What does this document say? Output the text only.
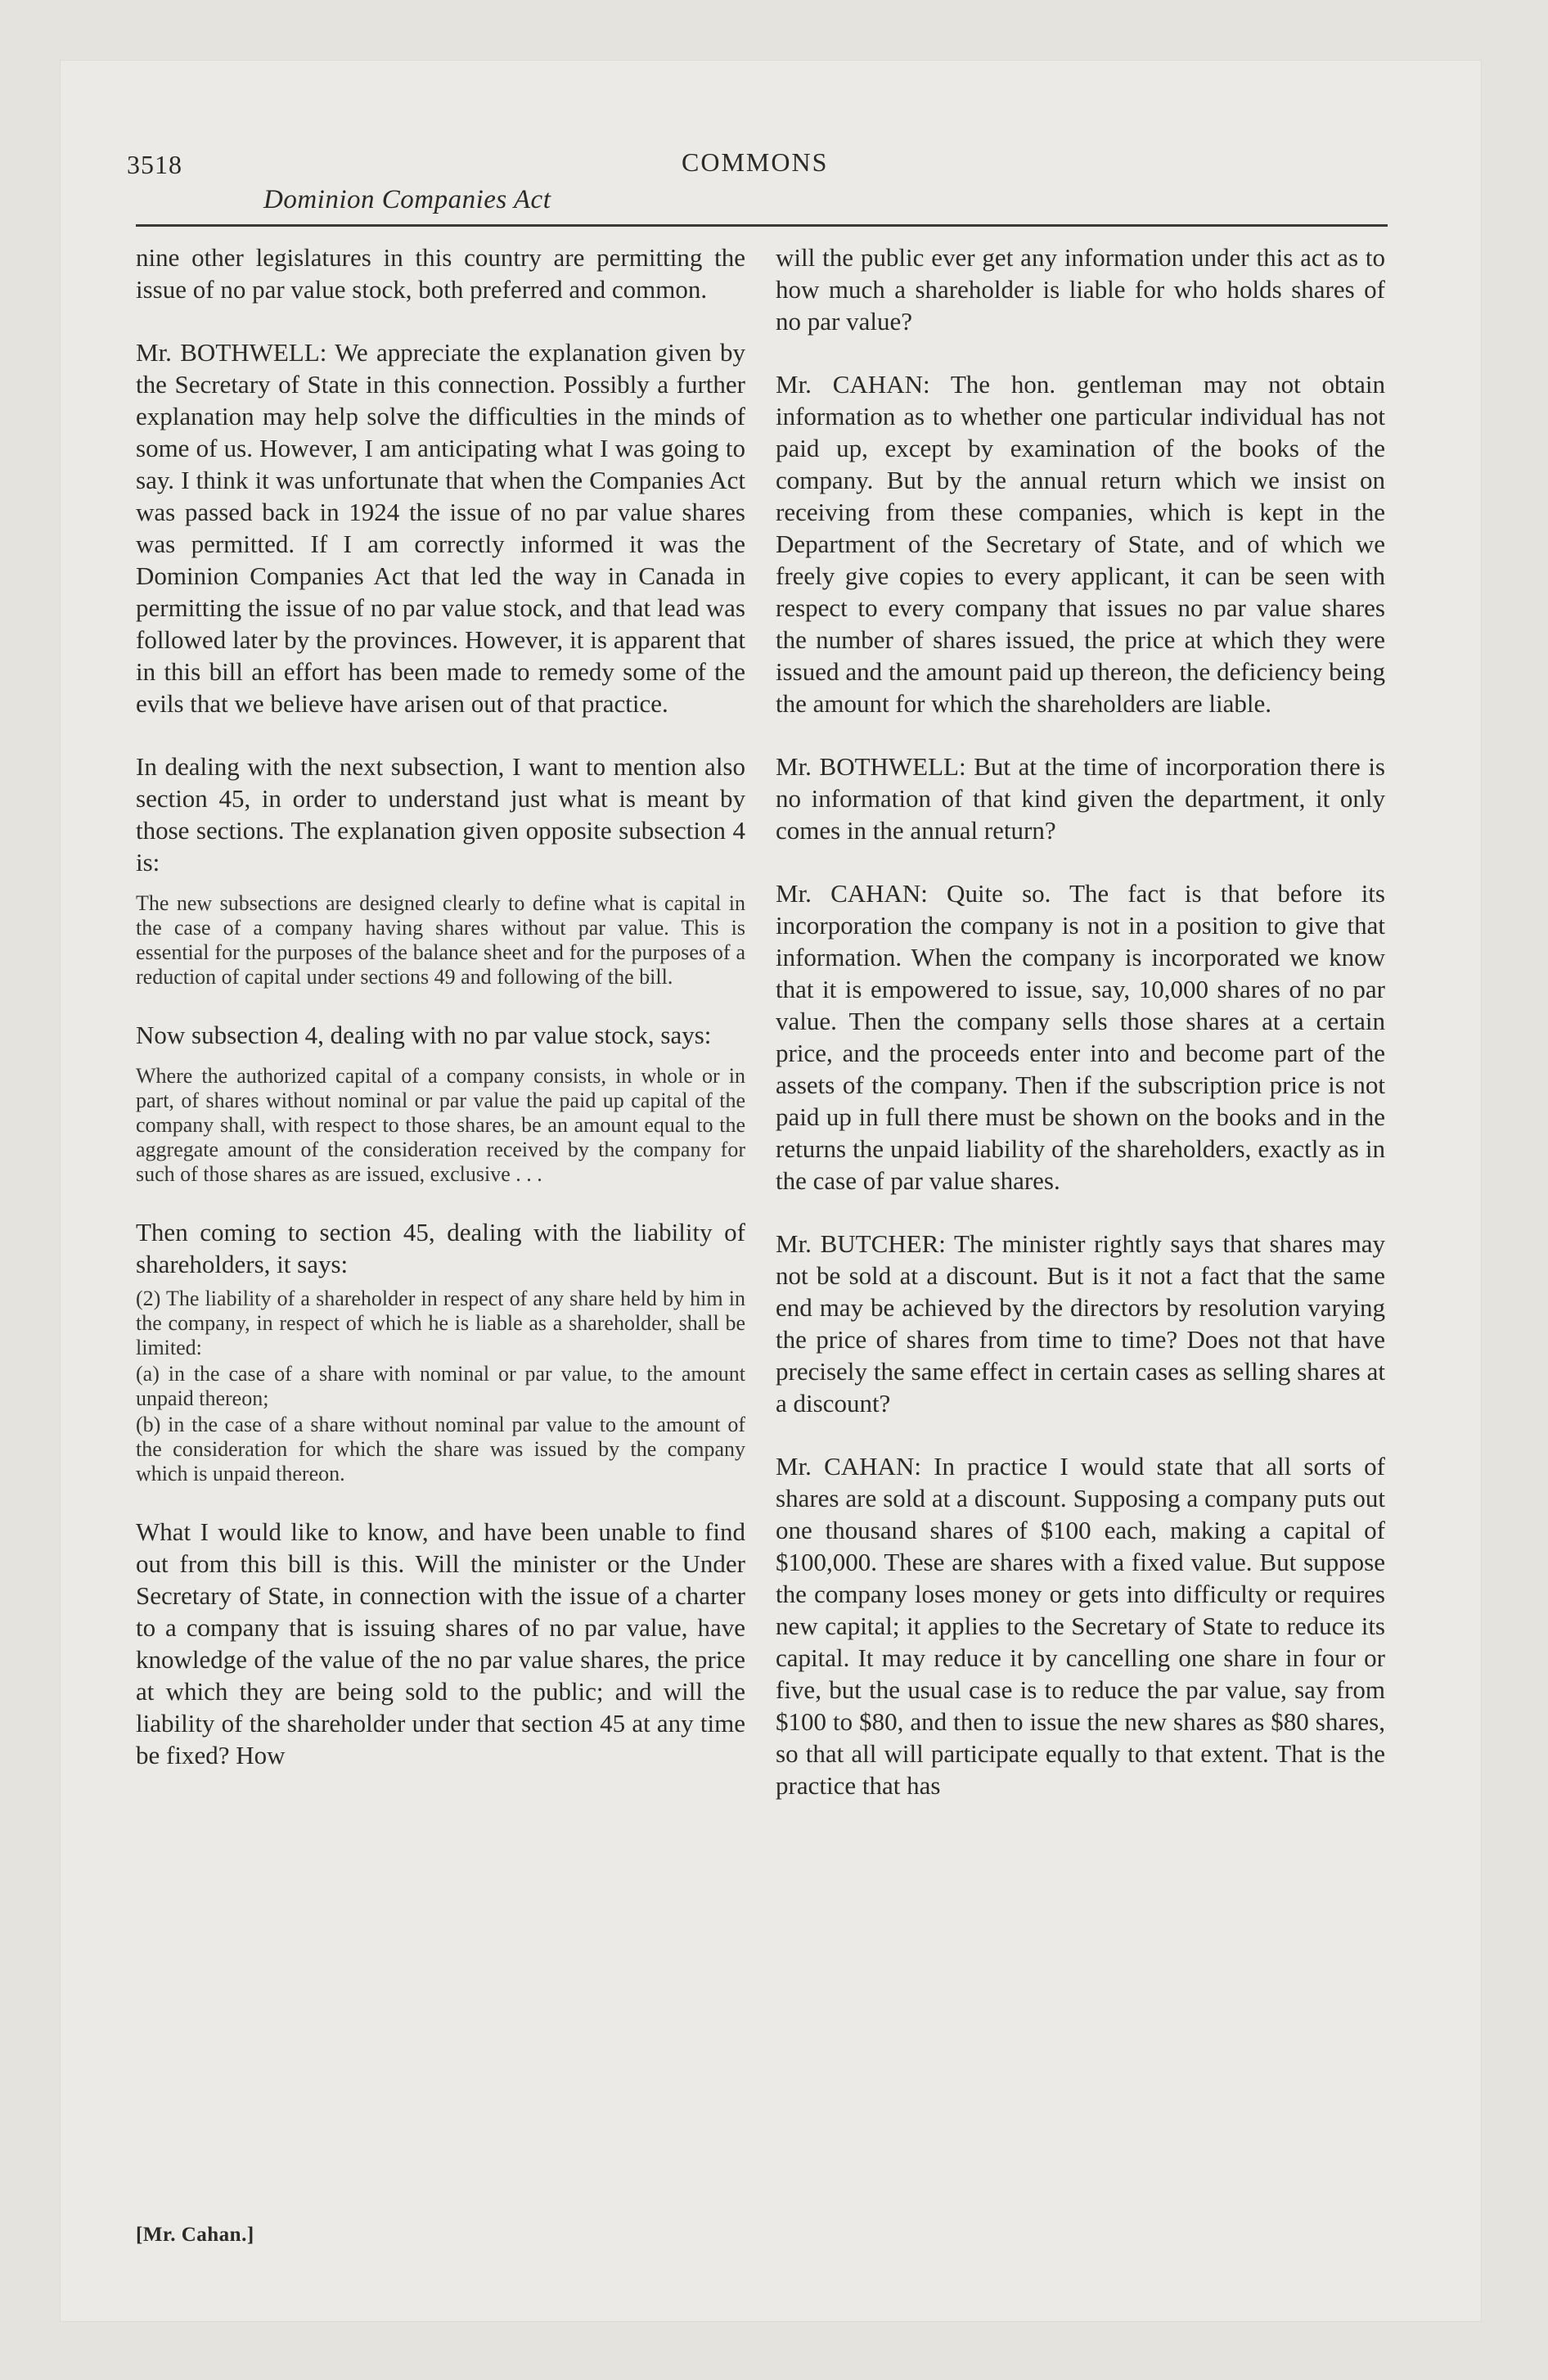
3518	COMMONS
Dominion Companies Act

nine other legislatures in this country are permitting the issue of no par value stock, both preferred and common.

Mr. BOTHWELL: We appreciate the explanation given by the Secretary of State in this connection. Possibly a further explanation may help solve the difficulties in the minds of some of us. However, I am anticipating what I was going to say. I think it was unfortunate that when the Companies Act was passed back in 1924 the issue of no par value shares was permitted. If I am correctly informed it was the Dominion Companies Act that led the way in Canada in permitting the issue of no par value stock, and that lead was followed later by the provinces. However, it is apparent that in this bill an effort has been made to remedy some of the evils that we believe have arisen out of that practice.

In dealing with the next subsection, I want to mention also section 45, in order to understand just what is meant by those sections. The explanation given opposite subsection 4 is:

The new subsections are designed clearly to define what is capital in the case of a company having shares without par value. This is essential for the purposes of the balance sheet and for the purposes of a reduction of capital under sections 49 and following of the bill.

Now subsection 4, dealing with no par value stock, says:

Where the authorized capital of a company consists, in whole or in part, of shares without nominal or par value the paid up capital of the company shall, with respect to those shares, be an amount equal to the aggregate amount of the consideration received by the company for such of those shares as are issued, exclusive . . .

Then coming to section 45, dealing with the liability of shareholders, it says:

(2) The liability of a shareholder in respect of any share held by him in the company, in respect of which he is liable as a shareholder, shall be limited:

(a) in the case of a share with nominal or par value, to the amount unpaid thereon;

(b) in the case of a share without nominal par value to the amount of the consideration for which the share was issued by the company which is unpaid thereon.

What I would like to know, and have been unable to find out from this bill is this. Will the minister or the Under Secretary of State, in connection with the issue of a charter to a company that is issuing shares of no par value, have knowledge of the value of the no par value shares, the price at which they are being sold to the public; and will the liability of the shareholder under that section 45 at any time be fixed? How

will the public ever get any information under this act as to how much a shareholder is liable for who holds shares of no par value?

Mr. CAHAN: The hon. gentleman may not obtain information as to whether one particular individual has not paid up, except by examination of the books of the company. But by the annual return which we insist on receiving from these companies, which is kept in the Department of the Secretary of State, and of which we freely give copies to every applicant, it can be seen with respect to every company that issues no par value shares the number of shares issued, the price at which they were issued and the amount paid up thereon, the deficiency being the amount for which the shareholders are liable.

Mr. BOTHWELL: But at the time of incorporation there is no information of that kind given the department, it only comes in the annual return?

Mr. CAHAN: Quite so. The fact is that before its incorporation the company is not in a position to give that information. When the company is incorporated we know that it is empowered to issue, say, 10,000 shares of no par value. Then the company sells those shares at a certain price, and the proceeds enter into and become part of the assets of the company. Then if the subscription price is not paid up in full there must be shown on the books and in the returns the unpaid liability of the shareholders, exactly as in the case of par value shares.

Mr. BUTCHER: The minister rightly says that shares may not be sold at a discount. But is it not a fact that the same end may be achieved by the directors by resolution varying the price of shares from time to time? Does not that have precisely the same effect in certain cases as selling shares at a discount?

Mr. CAHAN: In practice I would state that all sorts of shares are sold at a discount. Supposing a company puts out one thousand shares of $100 each, making a capital of $100,000. These are shares with a fixed value. But suppose the company loses money or gets into difficulty or requires new capital; it applies to the Secretary of State to reduce its capital. It may reduce it by cancelling one share in four or five, but the usual case is to reduce the par value, say from $100 to $80, and then to issue the new shares as $80 shares, so that all will participate equally to that extent. That is the practice that has

[Mr. Cahan.]
